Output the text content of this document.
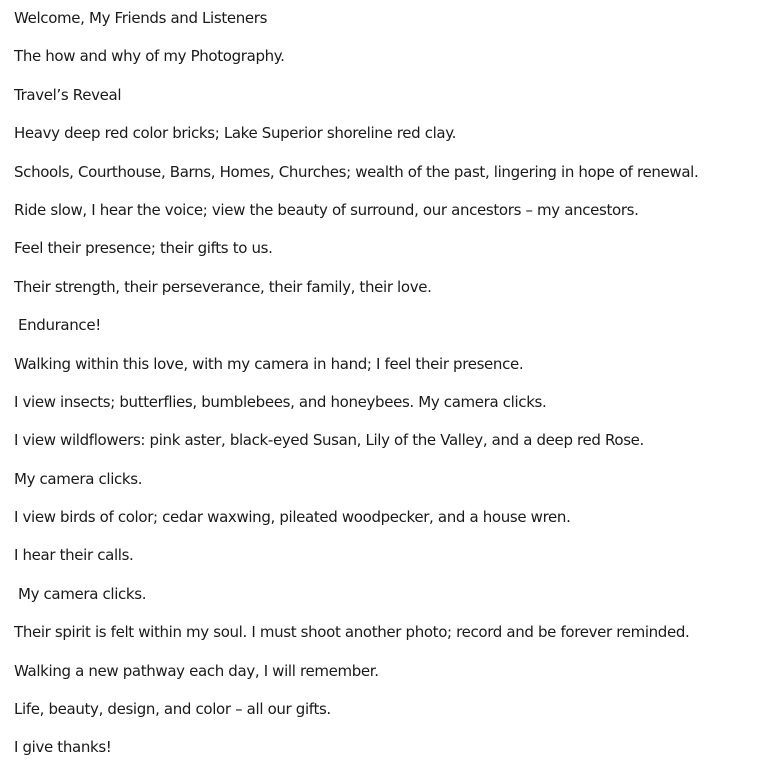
Welcome, My Friends and Listeners
The how and why of my Photography.
Travel’s Reveal
Heavy deep red color bricks; Lake Superior shoreline red clay.
Schools, Courthouse, Barns, Homes, Churches; wealth of the past, lingering in hope of renewal.
Ride slow, I hear the voice; view the beauty of surround, our ancestors – my ancestors.
Feel their presence; their gifts to us.
Their strength, their perseverance, their family, their love.
Endurance!
Walking within this love, with my camera in hand; I feel their presence.
I view insects; butterflies, bumblebees, and honeybees. My camera clicks.
I view wildflowers: pink aster, black-eyed Susan, Lily of the Valley, and a deep red Rose.
My camera clicks.
I view birds of color; cedar waxwing, pileated woodpecker, and a house wren.
I hear their calls.
My camera clicks.
Their spirit is felt within my soul. I must shoot another photo; record and be forever reminded.
Walking a new pathway each day, I will remember.
Life, beauty, design, and color – all our gifts.
I give thanks!
